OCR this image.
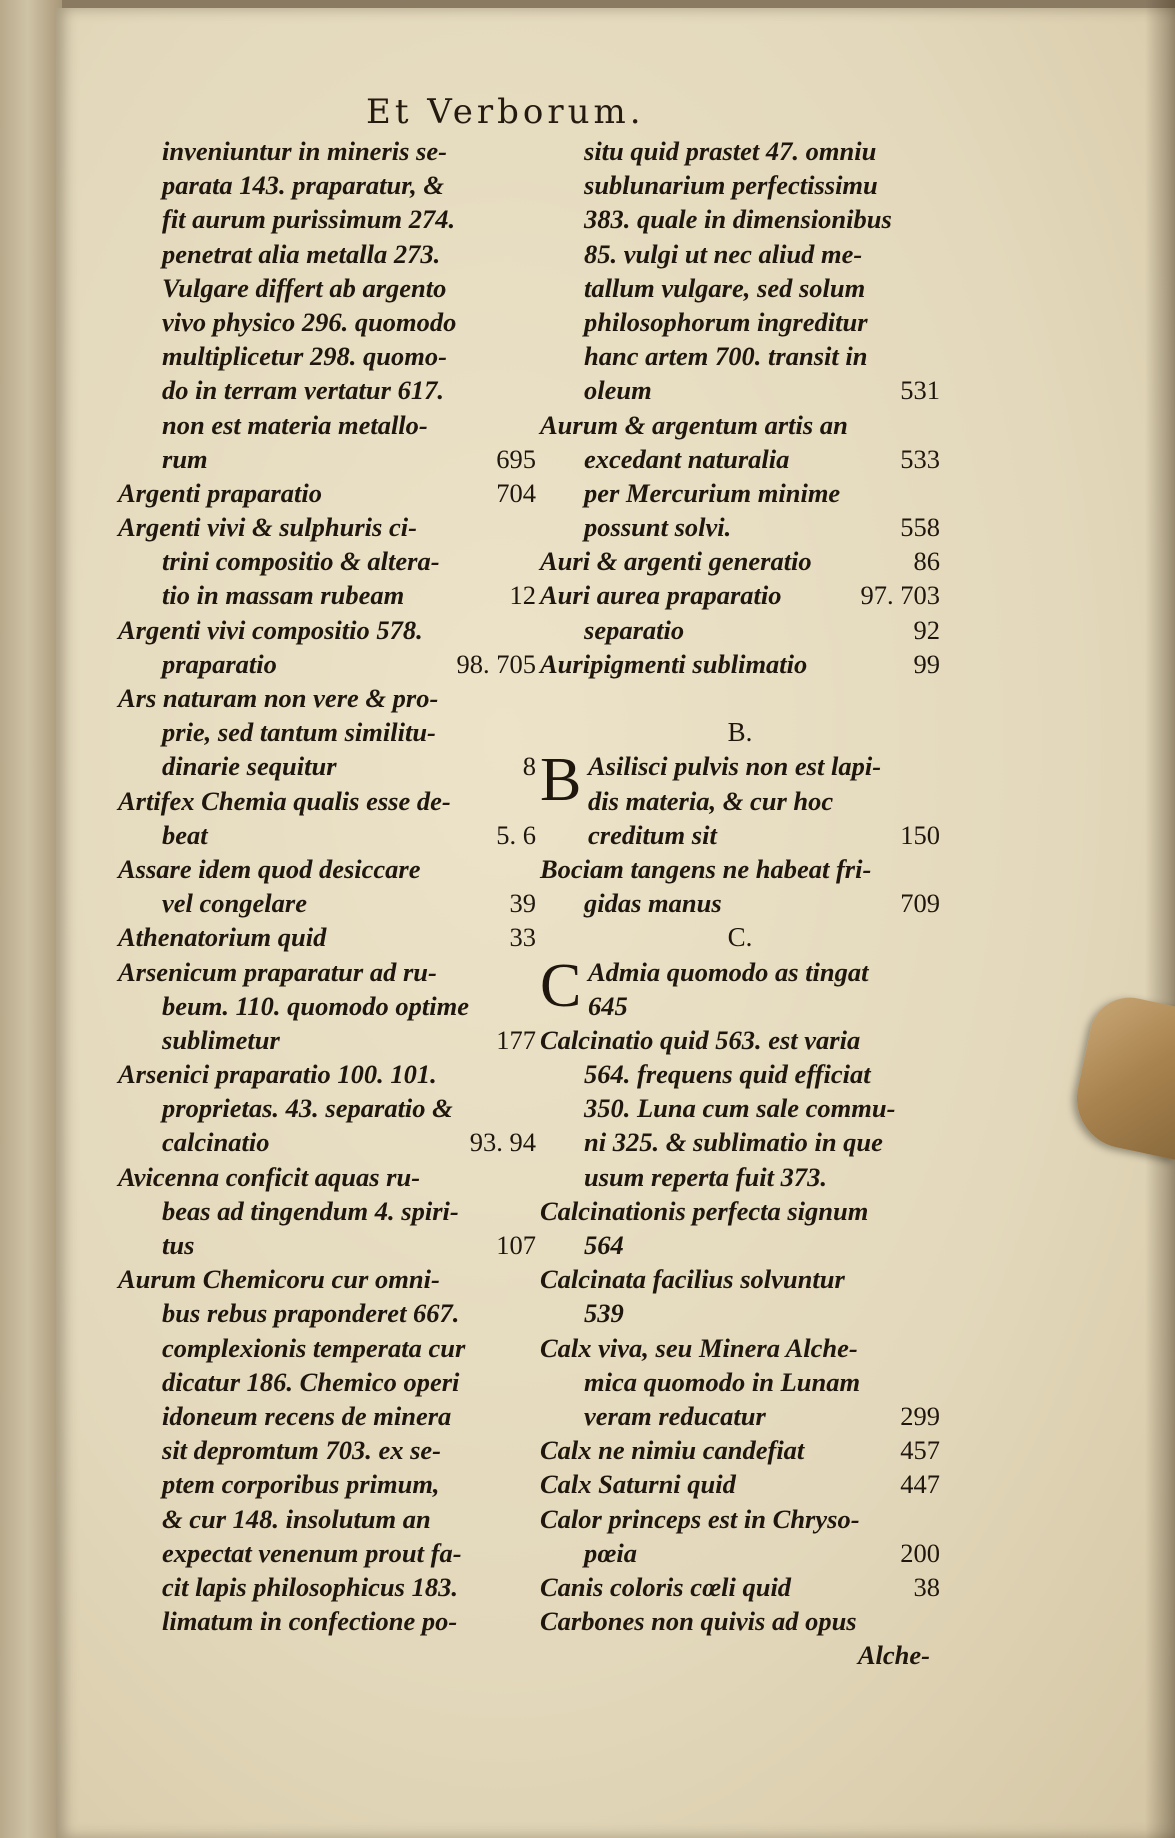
Et Verborum.
inveniuntur in mineris se-
parata 143. praparatur, &
fit aurum purissimum 274.
penetrat alia metalla 273.
Vulgare differt ab argento
vivo physico 296. quomodo
multiplicetur 298. quomo-
do in terram vertatur 617.
non est materia metallo-
rum	695
Argenti praparatio	704
Argenti vivi & sulphuris ci-
trini compositio & altera-
tio in massam rubeam	12
Argenti vivi compositio 578.
praparatio	98. 705
Ars naturam non vere & pro-
prie, sed tantum similitu-
dinarie sequitur	8
Artifex Chemia qualis esse de-
beat	5. 6
Assare idem quod desiccare
vel congelare	39
Athenatorium quid	33
Arsenicum praparatur ad ru-
beum. 110. quomodo optime
sublimetur	177
Arsenici praparatio 100. 101.
proprietas. 43. separatio &
calcinatio	93. 94
Avicenna conficit aquas ru-
beas ad tingendum 4. spiri-
tus	107
Aurum Chemicoru cur omni-
bus rebus praponderet 667.
complexionis temperata cur
dicatur 186. Chemico operi
idoneum recens de minera
sit depromtum 703. ex se-
ptem corporibus primum,
& cur 148. insolutum an
expectat venenum prout fa-
cit lapis philosophicus 183.
limatum in confectione po-
situ quid prastet 47. omniu
sublunarium perfectissimu
383. quale in dimensionibus
85. vulgi ut nec aliud me-
tallum vulgare, sed solum
philosophorum ingreditur
hanc artem 700. transit in
oleum	531
Aurum & argentum artis an
excedant naturalia	533
per Mercurium minime
possunt solvi.	558
Auri & argenti generatio	86
Auri aurea praparatio	97. 703
separatio	92
Auripigmenti sublimatio	99
B.
B Asilisci pulvis non est lapi-
dis materia, & cur hoc
creditum sit	150
Bociam tangens ne habeat fri-
gidas manus	709
C.
C Admia quomodo as tingat
645
Calcinatio quid 563. est varia
564. frequens quid efficiat
350. Luna cum sale commu-
ni 325. & sublimatio in que
usum reperta fuit 373.
Calcinationis perfecta signum
564
Calcinata facilius solvuntur
539
Calx viva, seu Minera Alche-
mica quomodo in Lunam
veram reducatur	299
Calx ne nimiu candefiat	457
Calx Saturni quid	447
Calor princeps est in Chryso-
pœia	200
Canis coloris cœli quid	38
Carbones non quivis ad opus
Alche-
